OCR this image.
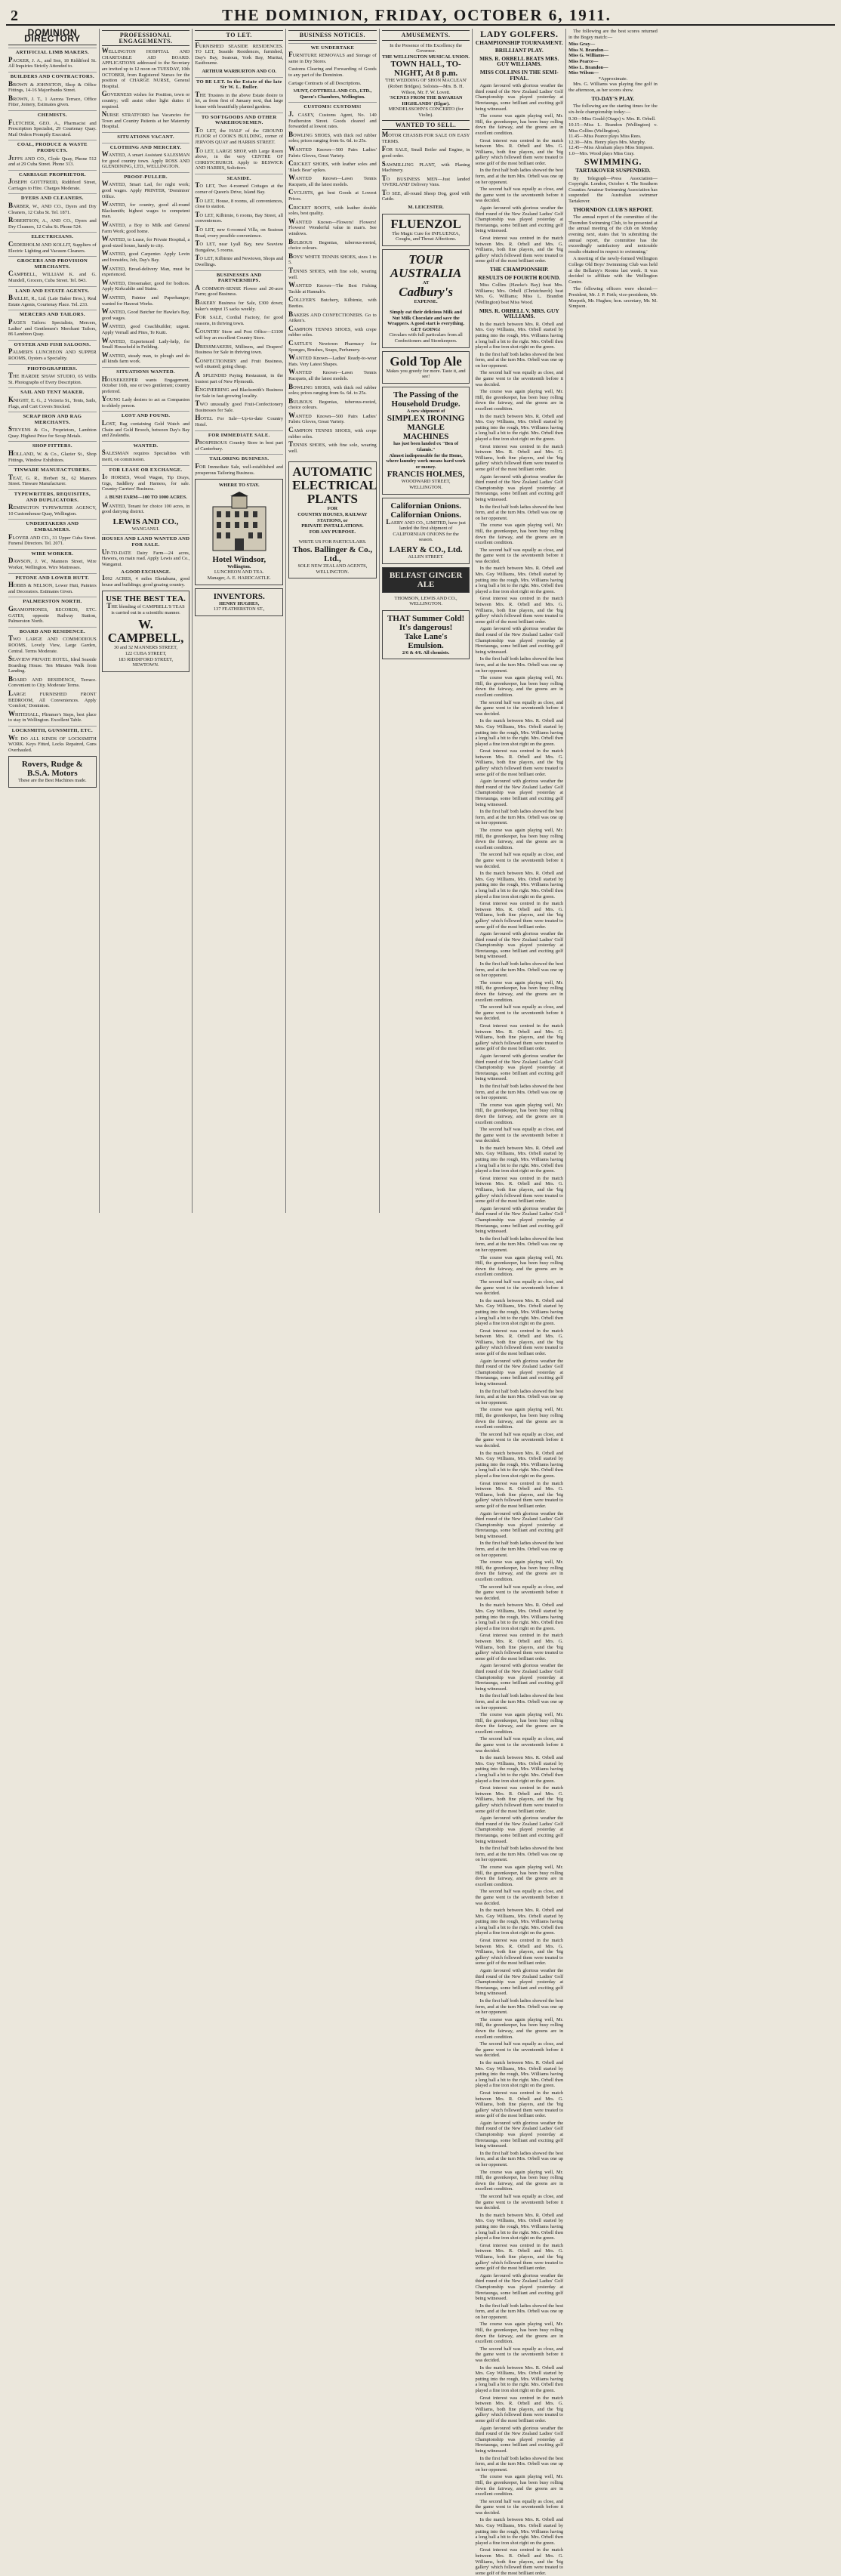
2	THE DOMINION, FRIDAY, OCTOBER 6, 1911.
DOMINION DIRECTORY
ARTIFICIAL LIMB MAKERS.
PACKER, J. A., and Son, 18 Riddiford St. All Inquiries Strictly Attended to.
BUILDERS AND CONTRACTORS.
BROWN & JOHNSTON, Shop & Office Fittings, 14-16 Majoribanks Street.
BROWN, J. T., 1 Aurora Terrace, Office Fitter, Joinery, Estimates given.
CHEMISTS.
FLETCHER, GEO. A., Pharmacist and Prescription Specialist, 29 Courtenay Quay. Mail Orders Promptly Executed.
COAL, PRODUCE & WASTE PRODUCTS.
JEFFS AND CO., Clyde Quay, Phone 512 and at 29 Cuba Street. Phone 313.
CARRIAGE PROPRIETOR.
JOSEPH GOTTFREID, Riddiford Street, Carriages to Hire. Charges Moderate.
DYERS AND CLEANERS.
BARBER, W., AND CO., Dyers and Dry Cleaners, 12 Cuba St. Tel. 1871.
ROBERTSON, A., AND CO., Dyers and Dry Cleaners, 12 Cuba St. Phone 524.
ELECTRICIANS.
CEDERHOLM AND KOLLIT, Suppliers of Electric Lighting and Vacuum Cleaners.
GROCERS AND PROVISION MERCHANTS.
CAMPBELL, WILLIAM K. and G. Mundell, Grocers, Cuba Street. Tel. 843.
LAND AND ESTATE AGENTS.
BAILLIE, R., Ltd. (Late Baker Bros.), Real Estate Agents, Courtenay Place. Tel. 233.
MERCERS AND TAILORS.
PAGE'S Tailors: Specialists, Mercers, Ladies' and Gentlemen's Merchant Tailors, 86 Lambton Quay.
OYSTER AND FISH SALOONS.
PALMER'S LUNCHEON AND SUPPER ROOMS, Oysters a Speciality.
PHOTOGRAPHERS.
THE HARDIE SHAW STUDIO, 65 Willis St. Photographs of Every Description.
SAIL AND TENT MAKER.
KNIGHT, E. G., 2 Victoria St., Tents, Sails, Flags, and Cart Covers Stocked.
SCRAP IRON AND RAG MERCHANTS.
STEVENS & Co., Proprietors, Lambton Quay. Highest Price for Scrap Metals.
SHOP FITTERS.
HOLLAND, W. & Co., Glazier St., Shop Fittings, Window Exhibitors.
TINWARE MANUFACTURERS.
TEAT, G. R., Herbert St., 62 Manners Street. Tinware Manufacturer.
TYPEWRITERS, REQUISITES, AND DUPLICATORS.
REMINGTON TYPEWRITER AGENCY, 10 Customhouse Quay, Wellington.
UNDERTAKERS AND EMBALMERS.
FLOYER AND CO., 31 Upper Cuba Street. Funeral Directors. Tel. 2071.
WIRE WORKER.
DAWSON, J. W., Manners Street, Wire Worker, Wellington. Wire Mattresses.
PETONE AND LOWER HUTT.
HOBBS & NELSON, Lower Hutt, Painters and Decorators. Estimates Given.
PALMERSTON NORTH.
GRAMOPHONES, RECORDS, ETC. GATES, opposite Railway Station, Palmerston North.
BOARD AND RESIDENCE.
TWO LARGE AND COMMODIOUS ROOMS, Lovely View, Large Garden, Central. Terms Moderate.
SEAVIEW PRIVATE HOTEL, Ideal Seaside Boarding House. Ten Minutes Walk from Landing.
BOARD AND RESIDENCE, Terrace. Convenient to City. Moderate Terms.
LARGE FURNISHED FRONT BEDROOM, All Conveniences. Apply 'Comfort,' Dominion.
WHITEHALL, Plimmer's Steps, best place to stay in Wellington. Excellent Table.
LOCKSMITH, GUNSMITH, ETC.
WE DO ALL KINDS OF LOCKSMITH WORK. Keys Fitted, Locks Repaired, Guns Overhauled.
Rovers, Rudge &
B.S.A. Motors
These are the Best Machines made.
PROFESSIONAL ENGAGEMENTS.
WELLINGTON HOSPITAL AND CHARITABLE AID BOARD. APPLICATIONS addressed to the Secretary are invited up to 12 noon on TUESDAY, 10th OCTOBER, from Registered Nurses for the position of CHARGE NURSE, General Hospital.
GOVERNESS wishes for Position, town or country; will assist other light duties if required.
NURSE STRATFORD has Vacancies for Town and Country Patients at her Maternity Hospital.
SITUATIONS VACANT.
CLOTHING AND MERCERY.
WANTED, A smart Assistant SALESMAN for good country town. Apply ROSS AND GLENDINING, LTD., WELLINGTON.
PROOF-PULLER.
WANTED, Smart Lad, for night work; good wages. Apply PRINTER, 'Dominion' Office.
WANTED, for country, good all-round Blacksmith; highest wages to competent man.
WANTED, a Boy to Milk and General Farm Work; good home.
WANTED, to Lease, for Private Hospital, a good-sized house, handy to city.
WANTED, good Carpenter. Apply Levin and Ironsides, Job, Day's Bay.
WANTED, Bread-delivery Man, must be experienced.
WANTED, Dressmaker, good for bodices. Apply Kirkcaldie and Stains.
WANTED, Painter and Paperhanger; wanted for Hauwai Works.
WANTED, Good Butcher for Hawke's Bay, good wages.
WANTED, good Coachbuilder; urgent. Apply Vernall and Pites, Te Kuiti.
WANTED, Experienced Lady-help, for Small Household in Feilding.
WANTED, steady man, to plough and do all kinds farm work.
SITUATIONS WANTED.
HOUSEKEEPER wants Engagement, October 16th, one or two gentlemen; country preferred.
YOUNG Lady desires to act as Companion to elderly person.
LOST AND FOUND.
LOST, Bag containing Gold Watch and Chain and Gold Brooch, between Day's Bay and Zealandia.
WANTED.
SALESMAN requires Specialities with merit, on commission.
FOR LEASE OR EXCHANGE.
10 HORSES, Wood Wagon, Tip Drays, Gigs, Saddlery and Harness, for sale. Country Carriers' Business.
A BUSH FARM—100 TO 1000 ACRES.
WANTED, Tenant for choice 100 acres, in good dairying district.
LEWIS AND CO.,
WANGANUI.
HOUSES AND LAND WANTED AND FOR SALE.
UP-TO-DATE Dairy Farm—24 acres, Hawera, on main road. Apply Lewis and Co., Wanganui.
A GOOD EXCHANGE.
1092 ACRES, 4 miles Eketahuna, good house and buildings; good grazing country.
USE THE BEST TEA.
THE blending of CAMPBELL'S TEAS is carried out in a scientific manner.
W. CAMPBELL,
30 and 32 MANNERS STREET,
122 CUBA STREET,
183 RIDDIFORD STREET, NEWTOWN.
TO LET.
FURNISHED SEASIDE RESIDENCES. TO LET, Seaside Residences, furnished, Day's Bay, Seatoun, York Bay, Muritai, Eastbourne.
ARTHUR WARBURTON AND CO.
TO BE LET. In the Estate of the late Sir W. L. Buller.
THE Trustees in the above Estate desire to let, as from first of January next, that large house with beautifully planted gardens.
TO SOFTGOODS AND OTHER WAREHOUSEMEN.
TO LET, the HALF of the GROUND FLOOR of COOK'S BUILDING, corner of JERVOIS QUAY and HARRIS STREET.
TO LET, LARGE SHOP, with Large Room above, in the very CENTRE OF CHRISTCHURCH. Apply to BESWICK AND HARRIS, Solicitors.
SEASIDE.
TO LET, Two 4-roomed Cottages at the corner of Queen's Drive, Island Bay.
TO LET, House, 8 rooms, all conveniences, close to station.
TO LET, Kilbirnie, 6 rooms, Bay Street, all conveniences.
TO LET, new 6-roomed Villa, on Seatoun Road, every possible convenience.
TO LET, near Lyall Bay, new Seaview Bungalow, 5 rooms.
TO LET, Kilbirnie and Newtown, Shops and Dwellings.
BUSINESSES AND PARTNERSHIPS.
A COMMON-SENSE Flower and 20-acre Farm; good Business.
BAKERY Business for Sale, £300 down; baker's output 15 sacks weekly.
FOR SALE, Cordial Factory, for good reasons, in thriving town.
COUNTRY Store and Post Office—£1100 will buy an excellent Country Store.
DRESSMAKERS, Milliners, and Drapers! Business for Sale in thriving town.
CONFECTIONERY and Fruit Business, well situated; going cheap.
A SPLENDID Paying Restaurant, in the busiest part of New Plymouth.
ENGINEERING and Blacksmith's Business for Sale in fast-growing locality.
TWO unusually good Fruit-Confectionery Businesses for Sale.
HOTEL For Sale—Up-to-date Country Hotel.
FOR IMMEDIATE SALE.
PROSPEROUS Country Store in best part of Canterbury.
TAILORING BUSINESS.
FOR Immediate Sale, well-established and prosperous Tailoring Business.
WHERE TO STAY.
Hotel Windsor,
Wellington.
LUNCHEON AND TEA.
Manager, A. E. HARDCASTLE.
INVENTORS.
HENRY HUGHES,
137 FEATHERSTON ST.,
BUSINESS NOTICES.
WE UNDERTAKE
FURNITURE REMOVALS and Storage of same in Dry Stores.
Customs Clearing and Forwarding of Goods to any part of the Dominion.
Cartage Contracts of all Descriptions.
MUNT, COTTRELL AND CO., LTD., Queen's Chambers, Wellington.
CUSTOMS! CUSTOMS!
J. CASEY, Customs Agent, No. 140 Featherston Street. Goods cleared and forwarded at lowest rates.
BOWLING SHOES, with thick red rubber soles; prices ranging from 6s. 6d. to 25s.
WANTED Known—500 Pairs Ladies' Fabric Gloves, Great Variety.
CRICKET SHOES, with leather soles and 'Black Bear' spikes.
WANTED Known—Lawn Tennis Racquets, all the latest models.
CYCLISTS, get best Goods at Lowest Prices.
CRICKET BOOTS, with leather double soles, best quality.
WANTED Known—Flowers! Flowers! Flowers! Wonderful value in man's. See windows.
BULBOUS Begonias, tuberous-rooted, choice colours.
BOYS' WHITE TENNIS SHOES, sizes 1 to 5.
TENNIS SHOES, with fine sole, wearing well.
WANTED Known—The Best Fishing Tackle at Hannah's.
COLLYER'S Butchery, Kilbirnie, with Beeties.
BAKERS AND CONFECTIONERS. Go to Aitken's.
CAMPION TENNIS SHOES, with crepe rubber soles.
CASTLE'S Newtown Pharmacy for Sponges, Brushes, Soaps, Perfumery.
WANTED Known—Ladies' Ready-to-wear Hats. Very Latest Shapes.
WANTED Known—Lawn Tennis Racquets, all the latest models.
BOWLING SHOES, with thick red rubber soles; prices ranging from 6s. 6d. to 25s.
BULBOUS Begonias, tuberous-rooted, choice colours.
WANTED Known—500 Pairs Ladies' Fabric Gloves, Great Variety.
CAMPION TENNIS SHOES, with crepe rubber soles.
TENNIS SHOES, with fine sole, wearing well.
AUTOMATIC
ELECTRICAL PLANTS
FOR
COUNTRY HOUSES, RAILWAY
STATIONS, or
PRIVATE INSTALLATIONS.
FOR ANY PURPOSE.
WRITE US FOR PARTICULARS.
Thos. Ballinger & Co., Ltd.,
SOLE NEW ZEALAND AGENTS,
WELLINGTON.
AMUSEMENTS.
In the Presence of His Excellency the Governor.
THE WELLINGTON MUSICAL UNION.
TOWN HALL, TO-NIGHT, At 8 p.m.
'THE WEDDING OF SHON MACLEAN' (Robert Bridges). Soloists—Mrs. B. H. Wilson, Mr. F. W. Lovett.
'SCENES FROM THE BAVARIAN HIGHLANDS' (Elgar).
MENDELSSOHN'S CONCERTO (for Violin).
WANTED TO SELL.
MOTOR CHASSIS FOR SALE ON EASY TERMS.
FOR SALE, Small Boiler and Engine, in good order.
SAWMILLING PLANT, with Planing Machinery.
TO BUSINESS MEN—Just landed 'OVERLAND' Delivery Vans.
TO SEE, all-round Sheep Dog, good with Cattle.
M. LEICESTER.
FLUENZOL
The Magic Cure for INFLUENZA, Coughs, and Throat Affections.
TOUR
AUSTRALIA
AT
Cadbury's
EXPENSE.
Simply eat their delicious Milk and Nut Milk Chocolate and save the Wrappers. A good start is everything. GET GOING!
Circulars with full particulars from all Confectioners and Storekeepers.
Gold Top Ale
Makes you greedy for more. Taste it, and see!
The Passing of the
Household Drudge.
A new shipment of
SIMPLEX IRONING MANGLE MACHINES
has just been landed ex "Ben of Glamis."
Almost indispensable for the Home, where laundry work means hard work or money.
FRANCIS HOLMES,
WOODWARD STREET, WELLINGTON.
Californian Onions.
Californian Onions.
LAERY AND CO., LIMITED, have just landed the first shipment of CALIFORNIAN ONIONS for the season.
LAERY & CO., Ltd.
ALLEN STREET.
BELFAST GINGER ALE
THOMSON, LEWIS AND CO., WELLINGTON.
THAT Summer Cold!
It's dangerous!
Take Lane's Emulsion.
2/6 & 4/6. All chemists.
LADY GOLFERS.
CHAMPIONSHIP TOURNAMENT.
BRILLIANT PLAY.
MRS. R. ORBELL BEATS MRS. GUY WILLIAMS.
MISS COLLINS IN THE SEMI-FINAL.
Again favoured with glorious weather the third round of the New Zealand Ladies' Golf Championship was played yesterday at Heretaunga, some brilliant and exciting golf being witnessed.
The course was again playing well, Mr. Hill, the greenkeeper, has been busy rolling down the fairway, and the greens are in excellent condition.
Great interest was centred in the match between Mrs. R. Orbell and Mrs. G. Williams, both fine players, and the 'big gallery' which followed them were treated to some golf of the most brilliant order.
In the first half both ladies showed the best form, and at the turn Mrs. Orbell was one up on her opponent.
The second half was equally as close, and the game went to the seventeenth before it was decided.
Again favoured with glorious weather the third round of the New Zealand Ladies' Golf Championship was played yesterday at Heretaunga, some brilliant and exciting golf being witnessed.
Great interest was centred in the match between Mrs. R. Orbell and Mrs. G. Williams, both fine players, and the 'big gallery' which followed them were treated to some golf of the most brilliant order.
THE CHAMPIONSHIP.
RESULTS OF FOURTH ROUND.
Miss Collins (Hawke's Bay) beat Mrs. Williams; Mrs. Orbell (Christchurch) beat Mrs. G. Williams; Miss L. Brandon (Wellington) beat Miss Wood.
MRS. R. ORBELL V. MRS. GUY WILLIAMS.
In the match between Mrs. R. Orbell and Mrs. Guy Williams, Mrs. Orbell started by putting into the rough, Mrs. Williams having a long ball a bit to the right. Mrs. Orbell then played a fine iron shot right on the green.
In the first half both ladies showed the best form, and at the turn Mrs. Orbell was one up on her opponent.
The second half was equally as close, and the game went to the seventeenth before it was decided.
The course was again playing well, Mr. Hill, the greenkeeper, has been busy rolling down the fairway, and the greens are in excellent condition.
In the match between Mrs. R. Orbell and Mrs. Guy Williams, Mrs. Orbell started by putting into the rough, Mrs. Williams having a long ball a bit to the right. Mrs. Orbell then played a fine iron shot right on the green.
Great interest was centred in the match between Mrs. R. Orbell and Mrs. G. Williams, both fine players, and the 'big gallery' which followed them were treated to some golf of the most brilliant order.
Again favoured with glorious weather the third round of the New Zealand Ladies' Golf Championship was played yesterday at Heretaunga, some brilliant and exciting golf being witnessed.
In the first half both ladies showed the best form, and at the turn Mrs. Orbell was one up on her opponent.
The course was again playing well, Mr. Hill, the greenkeeper, has been busy rolling down the fairway, and the greens are in excellent condition.
The second half was equally as close, and the game went to the seventeenth before it was decided.
In the match between Mrs. R. Orbell and Mrs. Guy Williams, Mrs. Orbell started by putting into the rough, Mrs. Williams having a long ball a bit to the right. Mrs. Orbell then played a fine iron shot right on the green.
Great interest was centred in the match between Mrs. R. Orbell and Mrs. G. Williams, both fine players, and the 'big gallery' which followed them were treated to some golf of the most brilliant order.
Again favoured with glorious weather the third round of the New Zealand Ladies' Golf Championship was played yesterday at Heretaunga, some brilliant and exciting golf being witnessed.
In the first half both ladies showed the best form, and at the turn Mrs. Orbell was one up on her opponent.
The course was again playing well, Mr. Hill, the greenkeeper, has been busy rolling down the fairway, and the greens are in excellent condition.
The second half was equally as close, and the game went to the seventeenth before it was decided.
In the match between Mrs. R. Orbell and Mrs. Guy Williams, Mrs. Orbell started by putting into the rough, Mrs. Williams having a long ball a bit to the right. Mrs. Orbell then played a fine iron shot right on the green.
Great interest was centred in the match between Mrs. R. Orbell and Mrs. G. Williams, both fine players, and the 'big gallery' which followed them were treated to some golf of the most brilliant order.
Again favoured with glorious weather the third round of the New Zealand Ladies' Golf Championship was played yesterday at Heretaunga, some brilliant and exciting golf being witnessed.
In the first half both ladies showed the best form, and at the turn Mrs. Orbell was one up on her opponent.
The course was again playing well, Mr. Hill, the greenkeeper, has been busy rolling down the fairway, and the greens are in excellent condition.
The second half was equally as close, and the game went to the seventeenth before it was decided.
In the match between Mrs. R. Orbell and Mrs. Guy Williams, Mrs. Orbell started by putting into the rough, Mrs. Williams having a long ball a bit to the right. Mrs. Orbell then played a fine iron shot right on the green.
Great interest was centred in the match between Mrs. R. Orbell and Mrs. G. Williams, both fine players, and the 'big gallery' which followed them were treated to some golf of the most brilliant order.
Again favoured with glorious weather the third round of the New Zealand Ladies' Golf Championship was played yesterday at Heretaunga, some brilliant and exciting golf being witnessed.
In the first half both ladies showed the best form, and at the turn Mrs. Orbell was one up on her opponent.
The course was again playing well, Mr. Hill, the greenkeeper, has been busy rolling down the fairway, and the greens are in excellent condition.
The second half was equally as close, and the game went to the seventeenth before it was decided.
Great interest was centred in the match between Mrs. R. Orbell and Mrs. G. Williams, both fine players, and the 'big gallery' which followed them were treated to some golf of the most brilliant order.
Again favoured with glorious weather the third round of the New Zealand Ladies' Golf Championship was played yesterday at Heretaunga, some brilliant and exciting golf being witnessed.
In the first half both ladies showed the best form, and at the turn Mrs. Orbell was one up on her opponent.
The course was again playing well, Mr. Hill, the greenkeeper, has been busy rolling down the fairway, and the greens are in excellent condition.
The second half was equally as close, and the game went to the seventeenth before it was decided.
In the match between Mrs. R. Orbell and Mrs. Guy Williams, Mrs. Orbell started by putting into the rough, Mrs. Williams having a long ball a bit to the right. Mrs. Orbell then played a fine iron shot right on the green.
Great interest was centred in the match between Mrs. R. Orbell and Mrs. G. Williams, both fine players, and the 'big gallery' which followed them were treated to some golf of the most brilliant order.
Again favoured with glorious weather the third round of the New Zealand Ladies' Golf Championship was played yesterday at Heretaunga, some brilliant and exciting golf being witnessed.
In the first half both ladies showed the best form, and at the turn Mrs. Orbell was one up on her opponent.
The course was again playing well, Mr. Hill, the greenkeeper, has been busy rolling down the fairway, and the greens are in excellent condition.
The second half was equally as close, and the game went to the seventeenth before it was decided.
In the match between Mrs. R. Orbell and Mrs. Guy Williams, Mrs. Orbell started by putting into the rough, Mrs. Williams having a long ball a bit to the right. Mrs. Orbell then played a fine iron shot right on the green.
Great interest was centred in the match between Mrs. R. Orbell and Mrs. G. Williams, both fine players, and the 'big gallery' which followed them were treated to some golf of the most brilliant order.
Again favoured with glorious weather the third round of the New Zealand Ladies' Golf Championship was played yesterday at Heretaunga, some brilliant and exciting golf being witnessed.
In the first half both ladies showed the best form, and at the turn Mrs. Orbell was one up on her opponent.
The course was again playing well, Mr. Hill, the greenkeeper, has been busy rolling down the fairway, and the greens are in excellent condition.
The second half was equally as close, and the game went to the seventeenth before it was decided.
In the match between Mrs. R. Orbell and Mrs. Guy Williams, Mrs. Orbell started by putting into the rough, Mrs. Williams having a long ball a bit to the right. Mrs. Orbell then played a fine iron shot right on the green.
Great interest was centred in the match between Mrs. R. Orbell and Mrs. G. Williams, both fine players, and the 'big gallery' which followed them were treated to some golf of the most brilliant order.
Again favoured with glorious weather the third round of the New Zealand Ladies' Golf Championship was played yesterday at Heretaunga, some brilliant and exciting golf being witnessed.
In the first half both ladies showed the best form, and at the turn Mrs. Orbell was one up on her opponent.
The course was again playing well, Mr. Hill, the greenkeeper, has been busy rolling down the fairway, and the greens are in excellent condition.
The second half was equally as close, and the game went to the seventeenth before it was decided.
In the match between Mrs. R. Orbell and Mrs. Guy Williams, Mrs. Orbell started by putting into the rough, Mrs. Williams having a long ball a bit to the right. Mrs. Orbell then played a fine iron shot right on the green.
Great interest was centred in the match between Mrs. R. Orbell and Mrs. G. Williams, both fine players, and the 'big gallery' which followed them were treated to some golf of the most brilliant order.
Again favoured with glorious weather the third round of the New Zealand Ladies' Golf Championship was played yesterday at Heretaunga, some brilliant and exciting golf being witnessed.
In the first half both ladies showed the best form, and at the turn Mrs. Orbell was one up on her opponent.
The course was again playing well, Mr. Hill, the greenkeeper, has been busy rolling down the fairway, and the greens are in excellent condition.
The second half was equally as close, and the game went to the seventeenth before it was decided.
In the match between Mrs. R. Orbell and Mrs. Guy Williams, Mrs. Orbell started by putting into the rough, Mrs. Williams having a long ball a bit to the right. Mrs. Orbell then played a fine iron shot right on the green.
Great interest was centred in the match between Mrs. R. Orbell and Mrs. G. Williams, both fine players, and the 'big gallery' which followed them were treated to some golf of the most brilliant order.
Again favoured with glorious weather the third round of the New Zealand Ladies' Golf Championship was played yesterday at Heretaunga, some brilliant and exciting golf being witnessed.
In the first half both ladies showed the best form, and at the turn Mrs. Orbell was one up on her opponent.
The course was again playing well, Mr. Hill, the greenkeeper, has been busy rolling down the fairway, and the greens are in excellent condition.
The second half was equally as close, and the game went to the seventeenth before it was decided.
In the match between Mrs. R. Orbell and Mrs. Guy Williams, Mrs. Orbell started by putting into the rough, Mrs. Williams having a long ball a bit to the right. Mrs. Orbell then played a fine iron shot right on the green.
Great interest was centred in the match between Mrs. R. Orbell and Mrs. G. Williams, both fine players, and the 'big gallery' which followed them were treated to some golf of the most brilliant order.
Again favoured with glorious weather the third round of the New Zealand Ladies' Golf Championship was played yesterday at Heretaunga, some brilliant and exciting golf being witnessed.
In the first half both ladies showed the best form, and at the turn Mrs. Orbell was one up on her opponent.
The course was again playing well, Mr. Hill, the greenkeeper, has been busy rolling down the fairway, and the greens are in excellent condition.
The second half was equally as close, and the game went to the seventeenth before it was decided.
In the match between Mrs. R. Orbell and Mrs. Guy Williams, Mrs. Orbell started by putting into the rough, Mrs. Williams having a long ball a bit to the right. Mrs. Orbell then played a fine iron shot right on the green.
Great interest was centred in the match between Mrs. R. Orbell and Mrs. G. Williams, both fine players, and the 'big gallery' which followed them were treated to some golf of the most brilliant order.
Again favoured with glorious weather the third round of the New Zealand Ladies' Golf Championship was played yesterday at Heretaunga, some brilliant and exciting golf being witnessed.
In the first half both ladies showed the best form, and at the turn Mrs. Orbell was one up on her opponent.
The course was again playing well, Mr. Hill, the greenkeeper, has been busy rolling down the fairway, and the greens are in excellent condition.
The second half was equally as close, and the game went to the seventeenth before it was decided.
In the match between Mrs. R. Orbell and Mrs. Guy Williams, Mrs. Orbell started by putting into the rough, Mrs. Williams having a long ball a bit to the right. Mrs. Orbell then played a fine iron shot right on the green.
Great interest was centred in the match between Mrs. R. Orbell and Mrs. G. Williams, both fine players, and the 'big gallery' which followed them were treated to some golf of the most brilliant order.
Again favoured with glorious weather the third round of the New Zealand Ladies' Golf Championship was played yesterday at Heretaunga, some brilliant and exciting golf being witnessed.
In the first half both ladies showed the best form, and at the turn Mrs. Orbell was one up on her opponent.
The course was again playing well, Mr. Hill, the greenkeeper, has been busy rolling down the fairway, and the greens are in excellent condition.
The second half was equally as close, and the game went to the seventeenth before it was decided.
In the match between Mrs. R. Orbell and Mrs. Guy Williams, Mrs. Orbell started by putting into the rough, Mrs. Williams having a long ball a bit to the right. Mrs. Orbell then played a fine iron shot right on the green.
Great interest was centred in the match between Mrs. R. Orbell and Mrs. G. Williams, both fine players, and the 'big gallery' which followed them were treated to some golf of the most brilliant order.
Again favoured with glorious weather the third round of the New Zealand Ladies' Golf Championship was played yesterday at Heretaunga, some brilliant and exciting golf being witnessed.
In the first half both ladies showed the best form, and at the turn Mrs. Orbell was one up on her opponent.
The course was again playing well, Mr. Hill, the greenkeeper, has been busy rolling down the fairway, and the greens are in excellent condition.
The second half was equally as close, and the game went to the seventeenth before it was decided.
In the match between Mrs. R. Orbell and Mrs. Guy Williams, Mrs. Orbell started by putting into the rough, Mrs. Williams having a long ball a bit to the right. Mrs. Orbell then played a fine iron shot right on the green.
Great interest was centred in the match between Mrs. R. Orbell and Mrs. G. Williams, both fine players, and the 'big gallery' which followed them were treated to some golf of the most brilliant order.
The following are the best scores returned in the Bogey match:—
Miss Gray—
Miss N. Brandon—
Miss G. Williams—
Miss Pearce—
Miss L. Brandon—
Miss Wilson—
*Approximate.
Mrs. G. Williams was playing fine golf in the afternoon, as her scores show.
TO-DAY'S PLAY.
The following are the starting times for the six-hole championship today:—
9.30—Miss Gould (Otago) v. Mrs. R. Orbell.
10.15—Miss L. Brandon (Wellington) v. Miss Collins (Wellington).
11.45—Miss Pearce plays Miss Rees.
12.30—Mrs. Henry plays Mrs. Murphy.
12.45—Miss Abraham plays Miss Simpson.
1.0—Mrs. Wood plays Miss Gray.
SWIMMING.
TARTAKOVER SUSPENDED.
By Telegraph—Press Association—Copyright. London, October 4. The Southern Counties Amateur Swimming Association has suspended the Australian swimmer Tartakover.
THORNDON CLUB'S REPORT.
The annual report of the committee of the Thorndon Swimming Club, to be presented at the annual meeting of the club on Monday evening next, states that 'in submitting the annual report, the committee has the exceedingly satisfactory and noticeable results obtained in respect to swimming.'
A meeting of the newly-formed Wellington College Old Boys' Swimming Club was held at the Bellamy's Rooms last week. It was decided to affiliate with the Wellington Centre.
The following officers were elected:—President, Mr. J. P. Firth; vice-presidents, Mr. Morpeth, Mr. Hughes; hon. secretary, Mr. M. Simpson.
